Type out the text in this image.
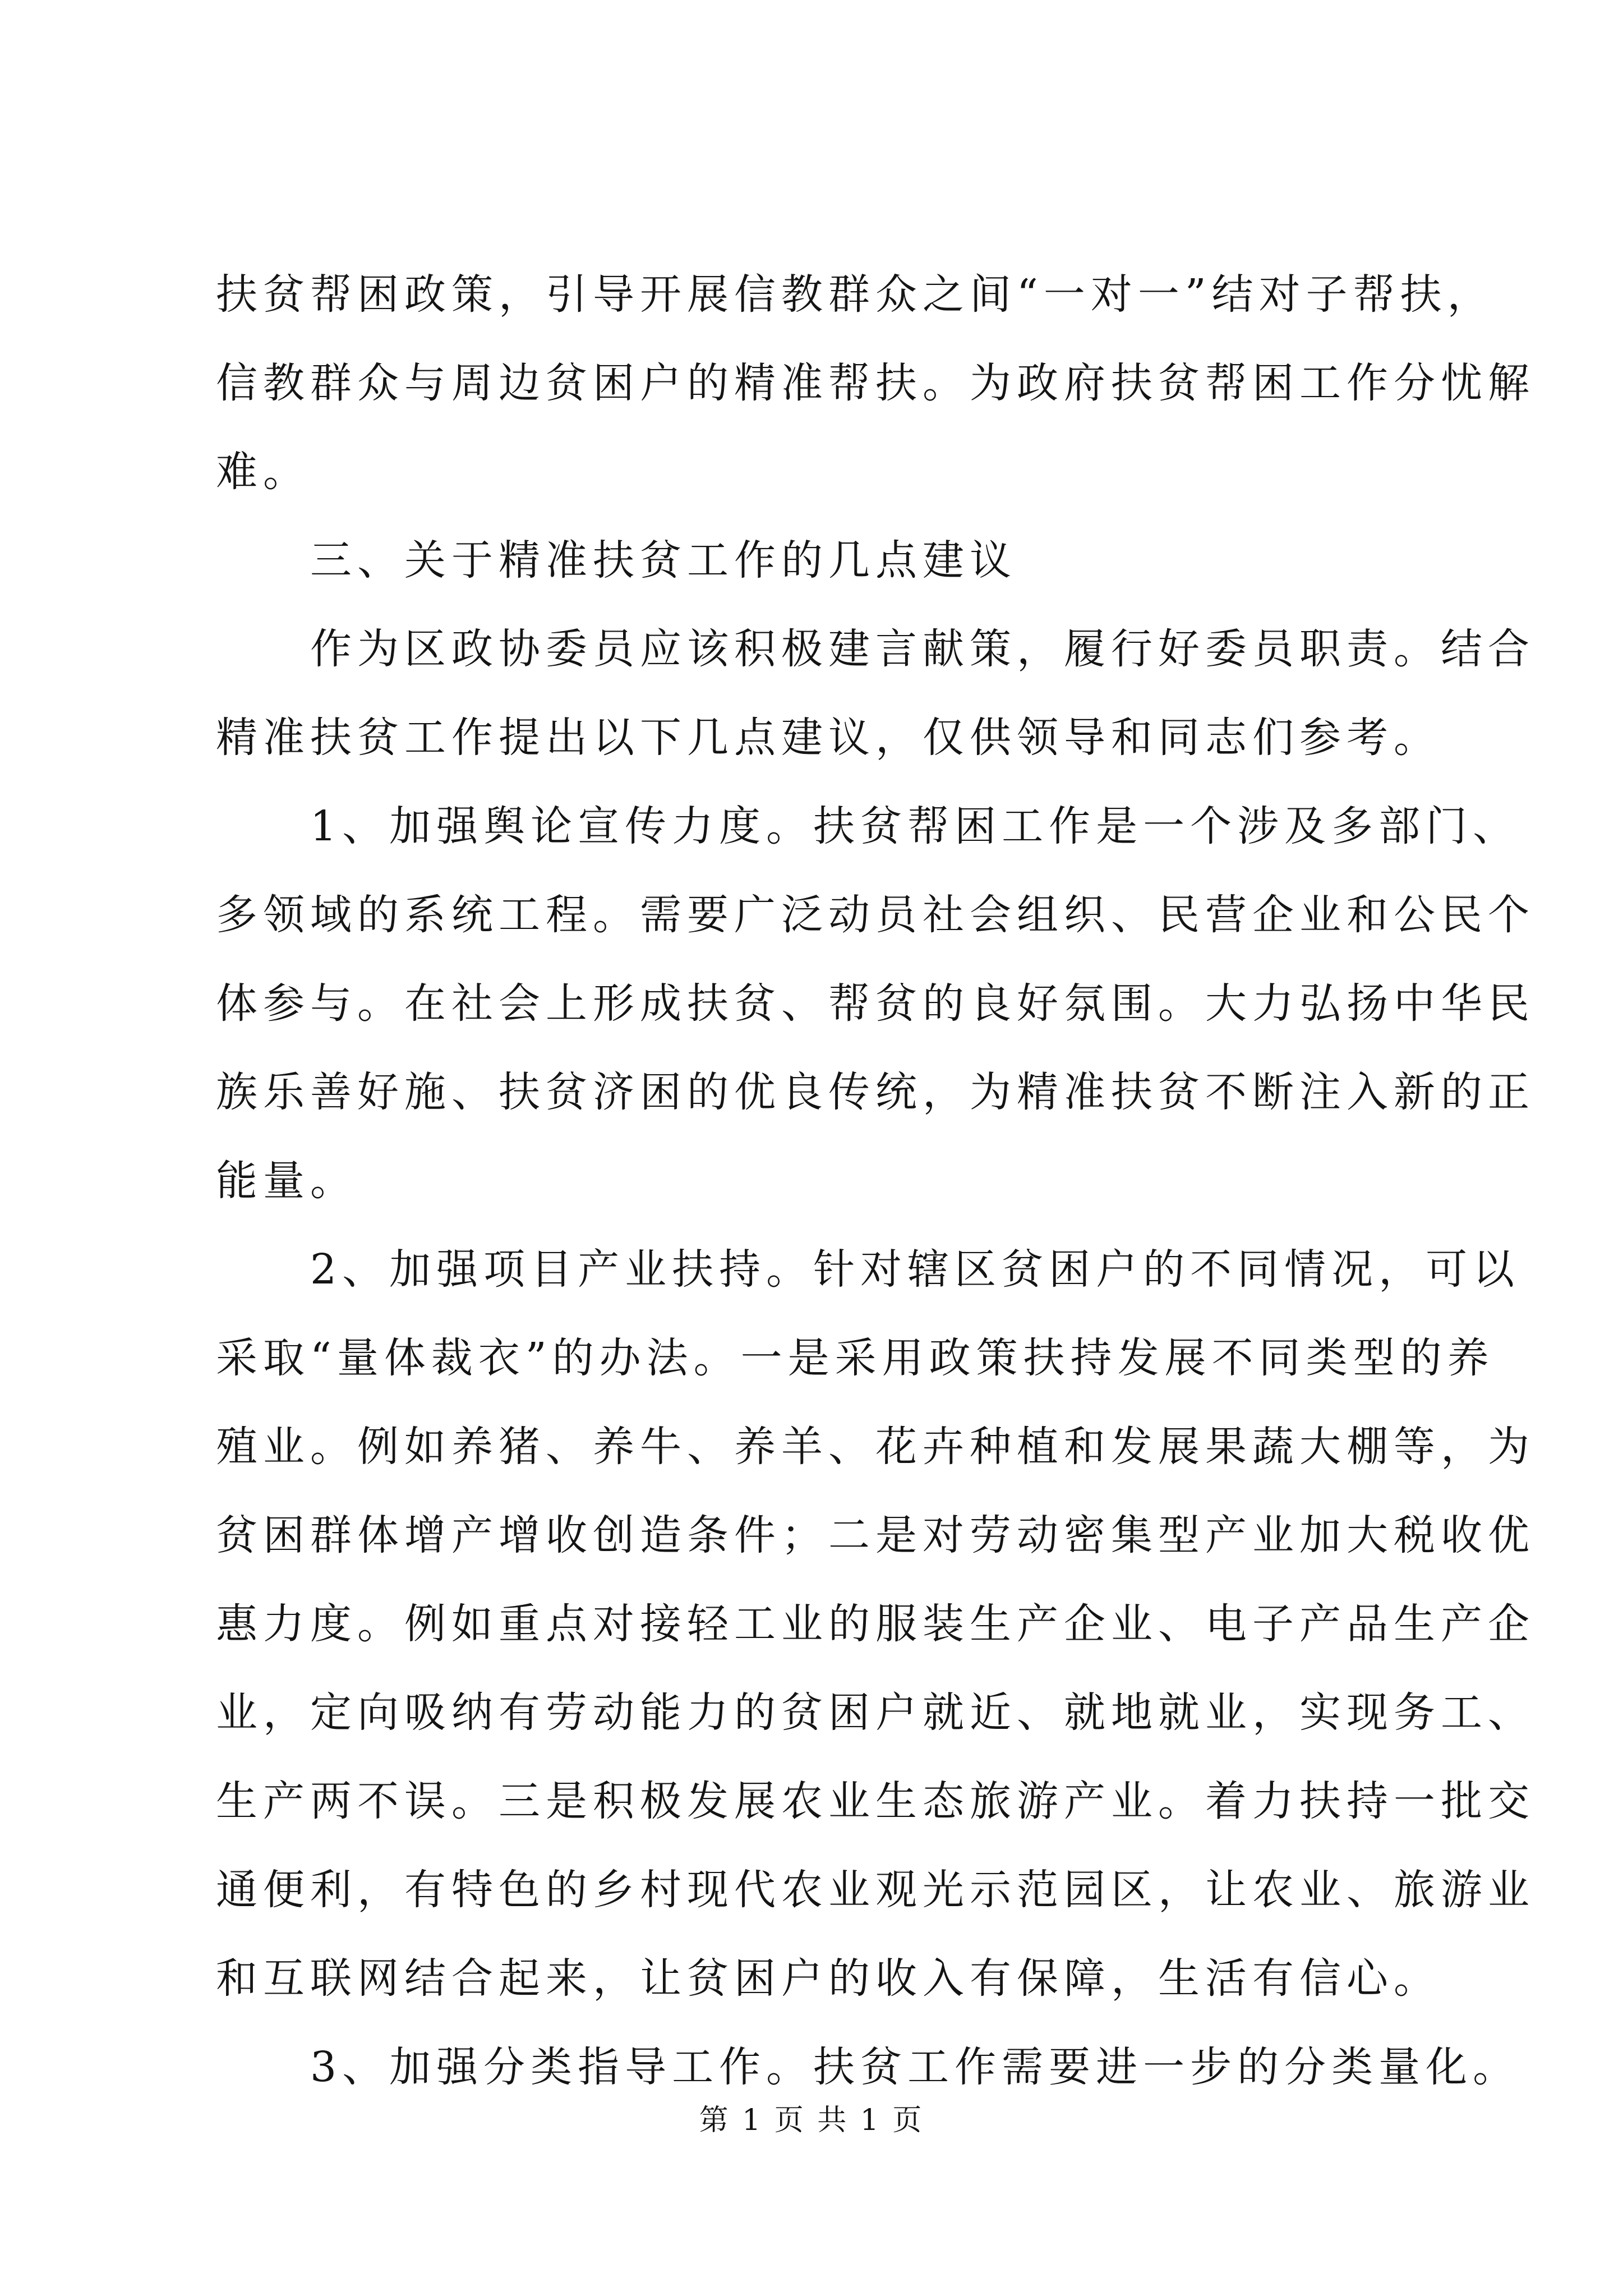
扶贫帮困政策，引导开展信教群众之间“一对一”结对子帮扶，
信教群众与周边贫困户的精准帮扶。为政府扶贫帮困工作分忧解
难。
三、关于精准扶贫工作的几点建议
作为区政协委员应该积极建言献策，履行好委员职责。结合
精准扶贫工作提出以下几点建议，仅供领导和同志们参考。
1、加强舆论宣传力度。扶贫帮困工作是一个涉及多部门、
多领域的系统工程。需要广泛动员社会组织、民营企业和公民个
体参与。在社会上形成扶贫、帮贫的良好氛围。大力弘扬中华民
族乐善好施、扶贫济困的优良传统，为精准扶贫不断注入新的正
能量。
2、加强项目产业扶持。针对辖区贫困户的不同情况，可以
采取“量体裁衣”的办法。一是采用政策扶持发展不同类型的养
殖业。例如养猪、养牛、养羊、花卉种植和发展果蔬大棚等，为
贫困群体增产增收创造条件；二是对劳动密集型产业加大税收优
惠力度。例如重点对接轻工业的服装生产企业、电子产品生产企
业，定向吸纳有劳动能力的贫困户就近、就地就业，实现务工、
生产两不误。三是积极发展农业生态旅游产业。着力扶持一批交
通便利，有特色的乡村现代农业观光示范园区，让农业、旅游业
和互联网结合起来，让贫困户的收入有保障，生活有信心。
3、加强分类指导工作。扶贫工作需要进一步的分类量化。
第 1 页 共 1 页
